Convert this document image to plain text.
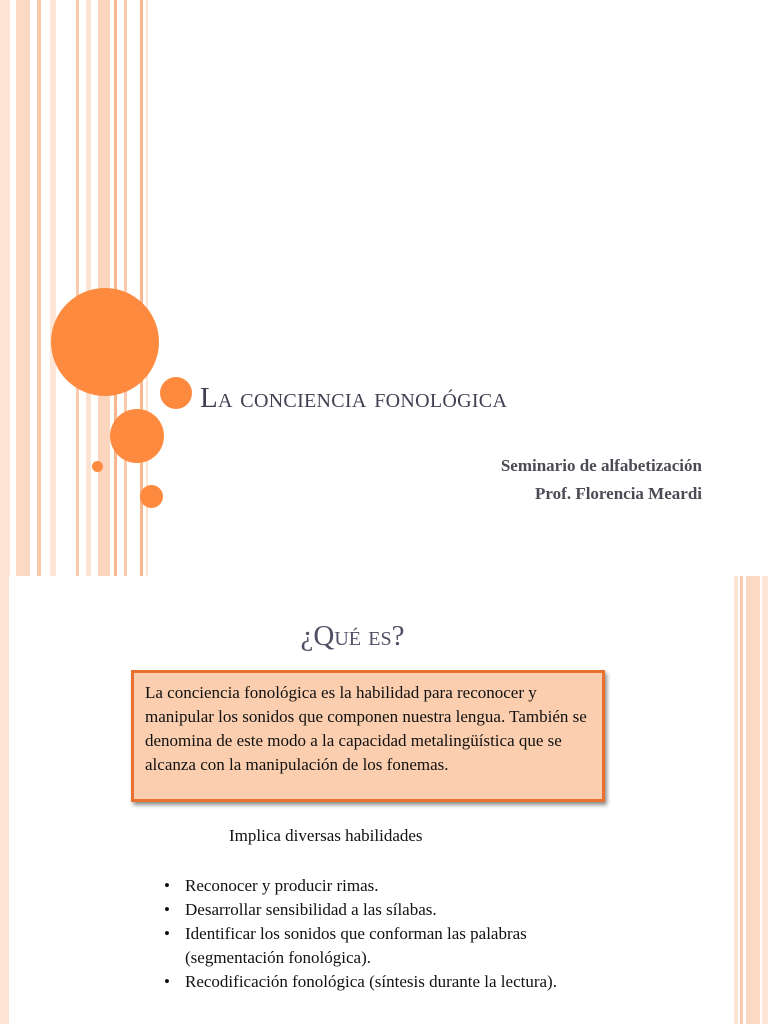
La conciencia fonológica
Seminario de alfabetización
Prof. Florencia Meardi
¿Qué es?
La conciencia fonológica es la habilidad para reconocer y manipular los sonidos que componen nuestra lengua. También se denomina de este modo a la capacidad metalingüística que se alcanza con la manipulación de los fonemas.
Implica diversas habilidades
• Reconocer y producir rimas.
• Desarrollar sensibilidad a las sílabas.
• Identificar los sonidos que conforman las palabras (segmentación fonológica).
• Recodificación fonológica (síntesis durante la lectura).
